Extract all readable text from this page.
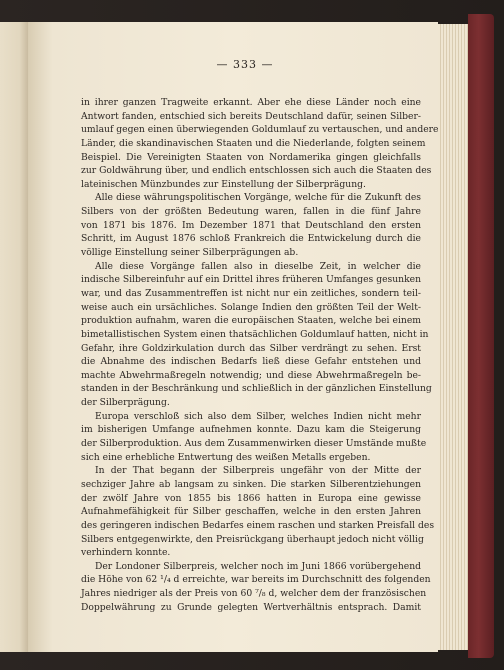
— 333 —
in ihrer ganzen Tragweite erkannt. Aber ehe diese Länder noch eine
Antwort fanden, entschied sich bereits Deutschland dafür, seinen Silber-
umlauf gegen einen überwiegenden Goldumlauf zu vertauschen, und andere
Länder, die skandinavischen Staaten und die Niederlande, folgten seinem
Beispiel. Die Vereinigten Staaten von Nordamerika gingen gleichfalls
zur Goldwährung über, und endlich entschlossen sich auch die Staaten des
lateinischen Münzbundes zur Einstellung der Silberprägung.
Alle diese währungspolitischen Vorgänge, welche für die Zukunft des
Silbers von der größten Bedeutung waren, fallen in die fünf Jahre
von 1871 bis 1876. Im Dezember 1871 that Deutschland den ersten
Schritt, im August 1876 schloß Frankreich die Entwickelung durch die
völlige Einstellung seiner Silberprägungen ab.
Alle diese Vorgänge fallen also in dieselbe Zeit, in welcher die
indische Silbereinfuhr auf ein Drittel ihres früheren Umfanges gesunken
war, und das Zusammentreffen ist nicht nur ein zeitliches, sondern teil-
weise auch ein ursächliches. Solange Indien den größten Teil der Welt-
produktion aufnahm, waren die europäischen Staaten, welche bei einem
bimetallistischen System einen thatsächlichen Goldumlauf hatten, nicht in
Gefahr, ihre Goldzirkulation durch das Silber verdrängt zu sehen. Erst
die Abnahme des indischen Bedarfs ließ diese Gefahr entstehen und
machte Abwehrmaßregeln notwendig; und diese Abwehrmaßregeln be-
standen in der Beschränkung und schließlich in der gänzlichen Einstellung
der Silberprägung.
Europa verschloß sich also dem Silber, welches Indien nicht mehr
im bisherigen Umfange aufnehmen konnte. Dazu kam die Steigerung
der Silberproduktion. Aus dem Zusammenwirken dieser Umstände mußte
sich eine erhebliche Entwertung des weißen Metalls ergeben.
In der That begann der Silberpreis ungefähr von der Mitte der
sechziger Jahre ab langsam zu sinken. Die starken Silberentziehungen
der zwölf Jahre von 1855 bis 1866 hatten in Europa eine gewisse
Aufnahmefähigkeit für Silber geschaffen, welche in den ersten Jahren
des geringeren indischen Bedarfes einem raschen und starken Preisfall des
Silbers entgegenwirkte, den Preisrückgang überhaupt jedoch nicht völlig
verhindern konnte.
Der Londoner Silberpreis, welcher noch im Juni 1866 vorübergehend
die Höhe von 62 ¹/₄ d erreichte, war bereits im Durchschnitt des folgenden
Jahres niedriger als der Preis von 60 ⁷/₈ d, welcher dem der französischen
Doppelwährung zu Grunde gelegten Wertverhältnis entsprach. Damit
